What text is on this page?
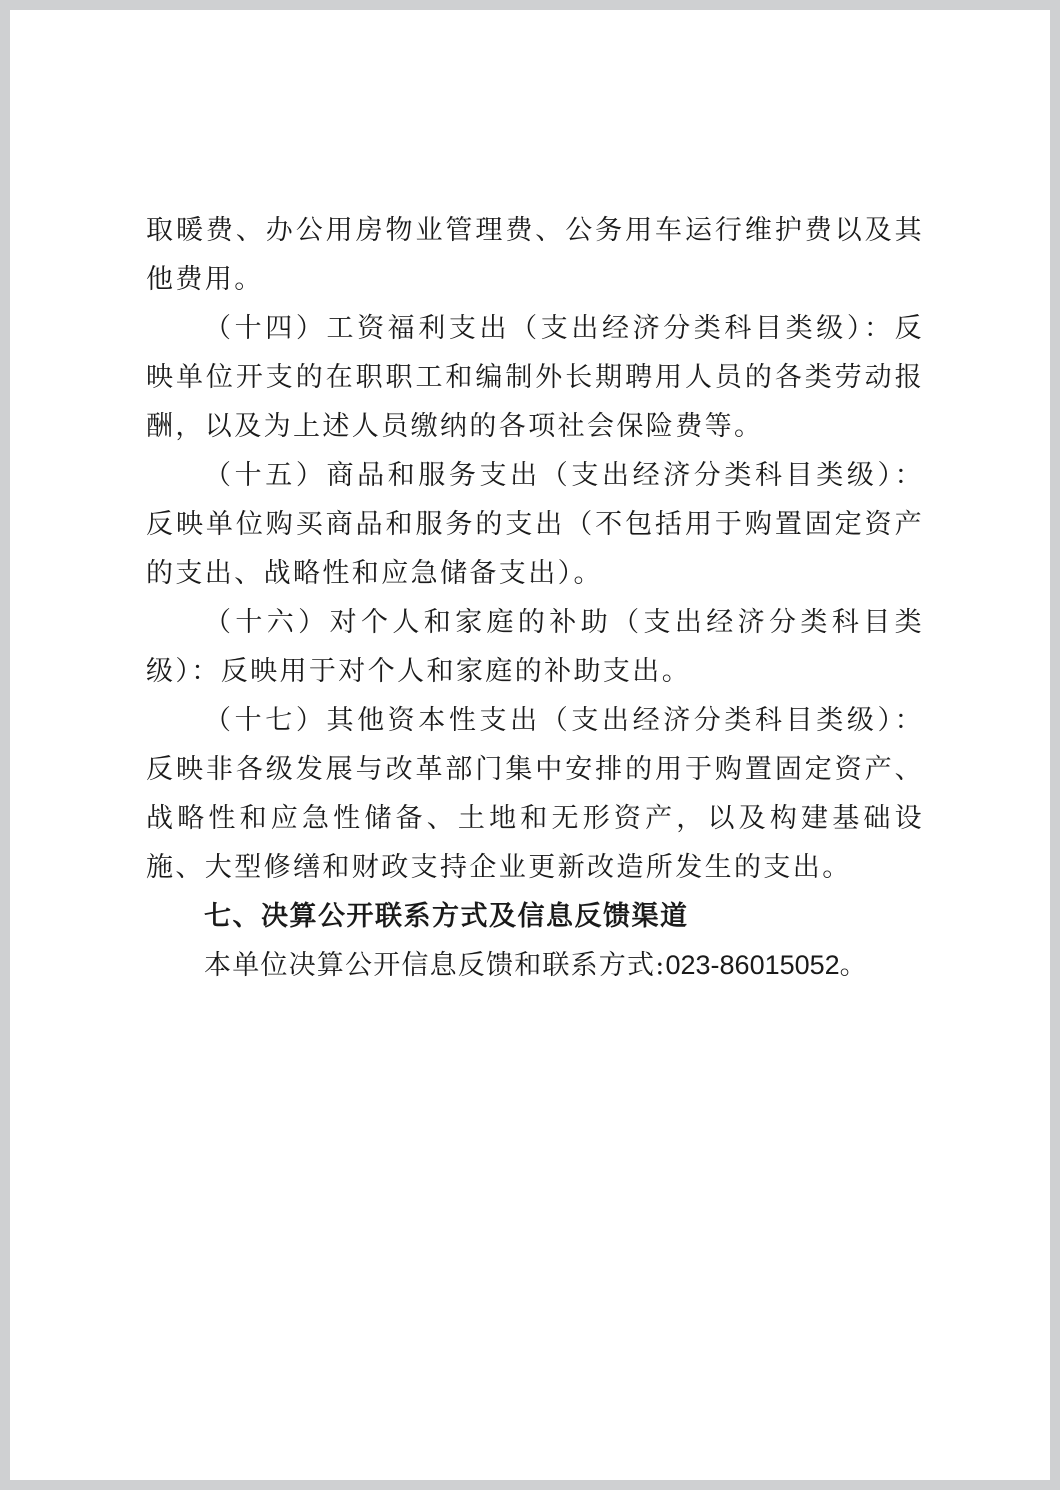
取暖费、办公用房物业管理费、公务用车运行维护费以及其他费用。

（十四）工资福利支出（支出经济分类科目类级）：反映单位开支的在职职工和编制外长期聘用人员的各类劳动报酬，以及为上述人员缴纳的各项社会保险费等。

（十五）商品和服务支出（支出经济分类科目类级）：反映单位购买商品和服务的支出（不包括用于购置固定资产的支出、战略性和应急储备支出）。

（十六）对个人和家庭的补助（支出经济分类科目类级）：反映用于对个人和家庭的补助支出。

（十七）其他资本性支出（支出经济分类科目类级）：反映非各级发展与改革部门集中安排的用于购置固定资产、战略性和应急性储备、土地和无形资产，以及构建基础设施、大型修缮和财政支持企业更新改造所发生的支出。

七、决算公开联系方式及信息反馈渠道

本单位决算公开信息反馈和联系方式:023-86015052。
